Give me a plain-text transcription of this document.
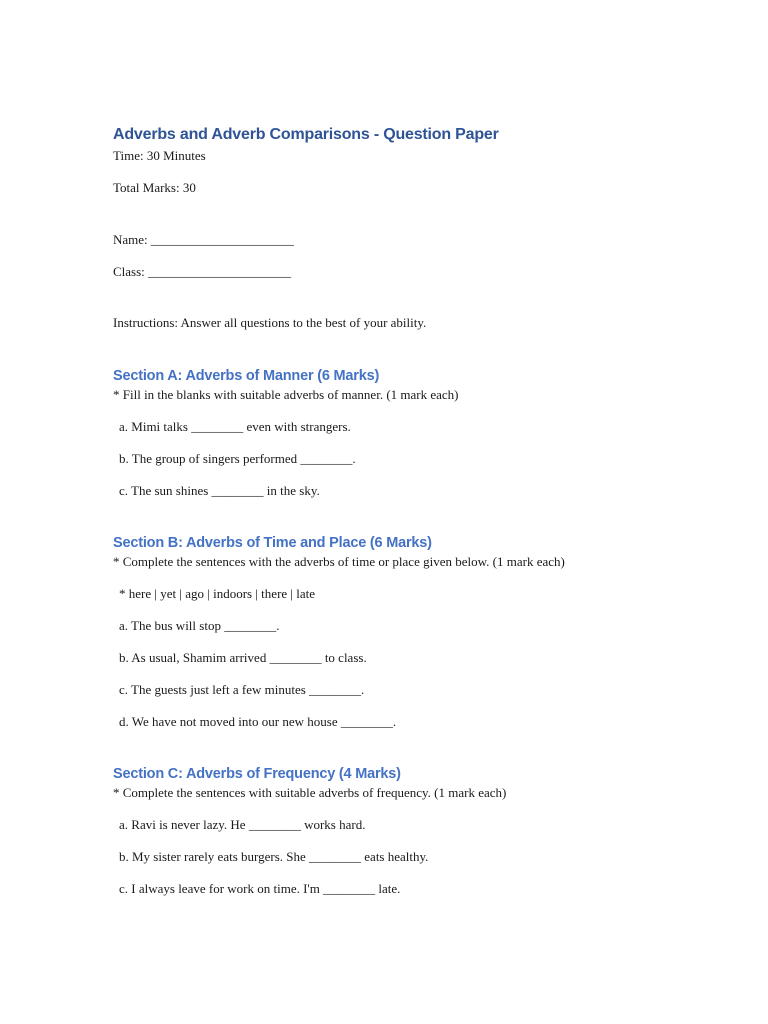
Adverbs and Adverb Comparisons - Question Paper

Time: 30 Minutes

Total Marks: 30

Name: ______________________

Class: ______________________

Instructions: Answer all questions to the best of your ability.

Section A: Adverbs of Manner (6 Marks)

* Fill in the blanks with suitable adverbs of manner. (1 mark each)

a. Mimi talks ________ even with strangers.

b. The group of singers performed ________.

c. The sun shines ________ in the sky.

Section B: Adverbs of Time and Place (6 Marks)

* Complete the sentences with the adverbs of time or place given below. (1 mark each)

* here | yet | ago | indoors | there | late

a. The bus will stop ________.

b. As usual, Shamim arrived ________ to class.

c. The guests just left a few minutes ________.

d. We have not moved into our new house ________.

Section C: Adverbs of Frequency (4 Marks)

* Complete the sentences with suitable adverbs of frequency. (1 mark each)

a. Ravi is never lazy. He ________ works hard.

b. My sister rarely eats burgers. She ________ eats healthy.

c. I always leave for work on time. I'm ________ late.
